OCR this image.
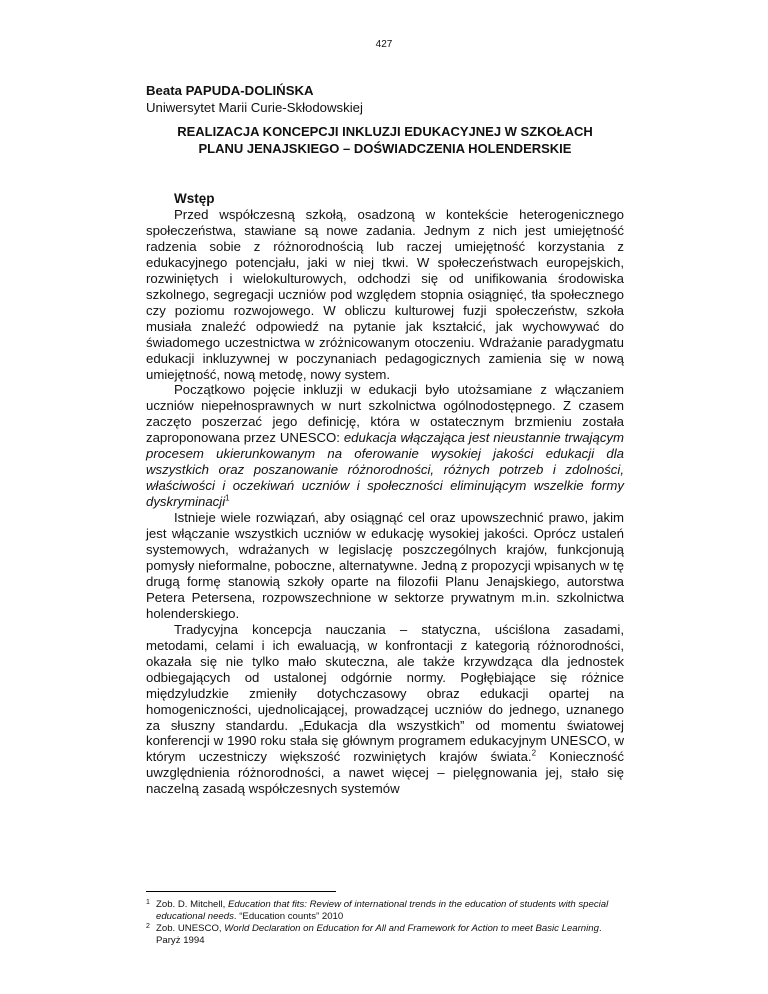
427
Beata PAPUDA-DOLIŃSKA
Uniwersytet Marii Curie-Skłodowskiej
REALIZACJA KONCEPCJI INKLUZJI EDUKACYJNEJ W SZKOŁACH
PLANU JENAJSKIEGO – DOŚWIADCZENIA HOLENDERSKIE
Wstęp

Przed współczesną szkołą, osadzoną w kontekście heterogenicznego społeczeństwa, stawiane są nowe zadania. Jednym z nich jest umiejętność radzenia sobie z różnorodnością lub raczej umiejętność korzystania z edukacyjnego potencjału, jaki w niej tkwi. W społeczeństwach europejskich, rozwiniętych i wielokulturowych, odchodzi się od unifikowania środowiska szkolnego, segregacji uczniów pod względem stopnia osiągnięć, tła społecznego czy poziomu rozwojowego. W obliczu kulturowej fuzji społeczeństw, szkoła musiała znaleźć odpowiedź na pytanie jak kształcić, jak wychowywać do świadomego uczestnictwa w zróżnicowanym otoczeniu. Wdrażanie paradygmatu edukacji inkluzywnej w poczynaniach pedagogicznych zamienia się w nową umiejętność, nową metodę, nowy system.

Początkowo pojęcie inkluzji w edukacji było utożsamiane z włączaniem uczniów niepełnosprawnych w nurt szkolnictwa ogólnodostępnego. Z czasem zaczęto poszerzać jego definicję, która w ostatecznym brzmieniu została zaproponowana przez UNESCO: edukacja włączająca jest nieustannie trwającym procesem ukierunkowanym na oferowanie wysokiej jakości edukacji dla wszystkich oraz poszanowanie różnorodności, różnych potrzeb i zdolności, właściwości i oczekiwań uczniów i społeczności eliminującym wszelkie formy dyskryminacji$^1$

Istnieje wiele rozwiązań, aby osiągnąć cel oraz upowszechnić prawo, jakim jest włączanie wszystkich uczniów w edukację wysokiej jakości. Oprócz ustaleń systemowych, wdrażanych w legislację poszczególnych krajów, funkcjonują pomysły nieformalne, poboczne, alternatywne. Jedną z propozycji wpisanych w tę drugą formę stanowią szkoły oparte na filozofii Planu Jenajskiego, autorstwa Petera Petersena, rozpowszechnione w sektorze prywatnym m.in. szkolnictwa holenderskiego.

Tradycyjna koncepcja nauczania – statyczna, uściślona zasadami, metodami, celami i ich ewaluacją, w konfrontacji z kategorią różnorodności, okazała się nie tylko mało skuteczna, ale także krzywdząca dla jednostek odbiegających od ustalonej odgórnie normy. Pogłębiające się różnice międzyludzkie zmieniły dotychczasowy obraz edukacji opartej na homogeniczności, ujednolicającej, prowadzącej uczniów do jednego, uznanego za słuszny standardu. „Edukacja dla wszystkich” od momentu światowej konferencji w 1990 roku stała się głównym programem edukacyjnym UNESCO, w którym uczestniczy większość rozwiniętych krajów świata.$^2$ Konieczność uwzględnienia różnorodności, a nawet więcej – pielęgnowania jej, stało się naczelną zasadą współczesnych systemów

1 Zob. D. Mitchell, Education that fits: Review of international trends in the education of students with special educational needs. “Education counts” 2010
2 Zob. UNESCO, World Declaration on Education for All and Framework for Action to meet Basic Learning. Paryż 1994
